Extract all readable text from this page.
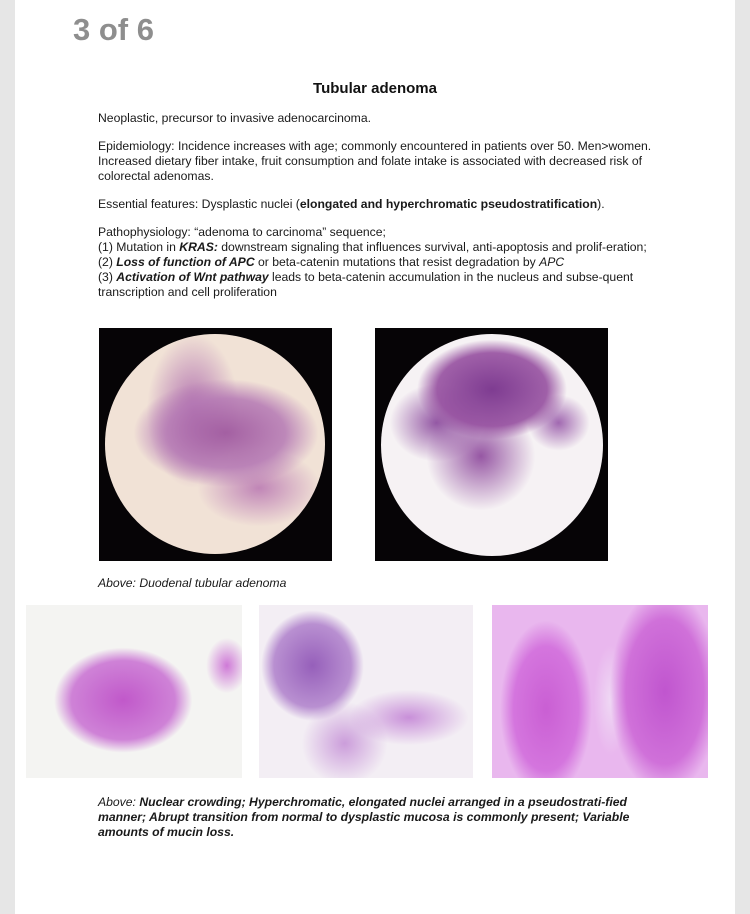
3 of 6
Tubular adenoma

Neoplastic, precursor to invasive adenocarcinoma.

Epidemiology: Incidence increases with age; commonly encountered in patients over 50. Men>women. Increased dietary fiber intake, fruit consumption and folate intake is associated with decreased risk of colorectal adenomas.

Essential features: Dysplastic nuclei (elongated and hyperchromatic pseudostratification).

Pathophysiology: “adenoma to carcinoma” sequence;

(1) Mutation in KRAS: downstream signaling that influences survival, anti-apoptosis and prolif-eration;

(2) Loss of function of APC or beta-catenin mutations that resist degradation by APC

(3) Activation of Wnt pathway leads to beta-catenin accumulation in the nucleus and subse-quent transcription and cell proliferation

Above: Duodenal tubular adenoma
Above: Nuclear crowding; Hyperchromatic, elongated nuclei arranged in a pseudostrati-fied manner; Abrupt transition from normal to dysplastic mucosa is commonly present; Variable amounts of mucin loss.
